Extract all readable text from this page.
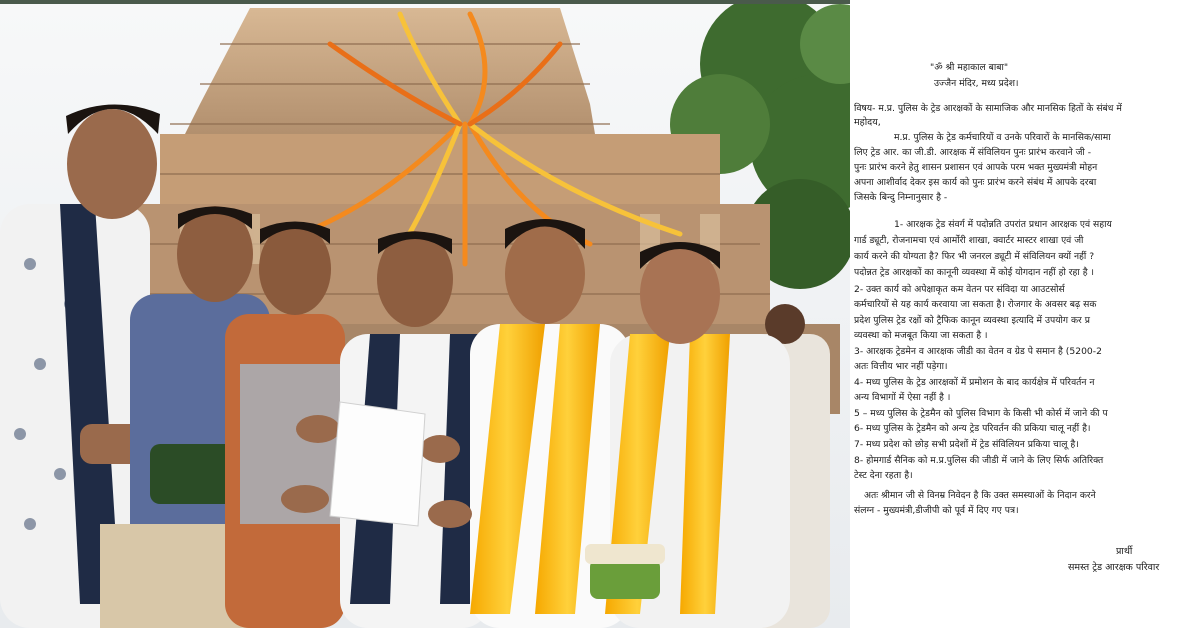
"ॐ श्री महाकाल बाबा"
उज्जैन मंदिर, मध्य प्रदेश।
विषय- म.प्र. पुलिस के ट्रेड आरक्षकों के सामाजिक और मानसिक हितों के संबंध में
महोदय,
म.प्र. पुलिस के ट्रेड कर्मचारियों व उनके परिवारों के मानसिक/सामा
लिए ट्रेड आर. का जी.डी. आरक्षक में संविलियन पुनः प्रारंभ करवाने जी -
पुनः प्रारंभ करने हेतु शासन प्रशासन एवं आपके परम भक्त मुख्यमंत्री मोहन
अपना आशीर्वाद देकर इस कार्य को पुनः प्रारंभ करने संबंध में आपके दरबा
जिसके बिन्दु निम्नानुसार है -
1- आरक्षक ट्रेड संवर्ग में पदोन्नति उपरांत प्रधान आरक्षक एवं सहाय
गार्ड ड्यूटी, रोजनामचा एवं आर्मोरी शाखा, क्वार्टर मास्टर शाखा एवं जी
कार्य करने की योग्यता है? फिर भी जनरल ड्यूटी में संविलियन क्यों नहीं ?
पदोन्नत ट्रेड आरक्षकों का कानूनी व्यवस्था में कोई योगदान नहीं हो रहा है ।
2- उक्त कार्य को अपेक्षाकृत कम वेतन पर संविदा या आउटसोर्स
कर्मचारियों से यह कार्य करवाया जा सकता है। रोजगार के अवसर बढ़ सक
प्रदेश पुलिस ट्रेड रक्षों को ट्रैफिक कानून व्यवस्था इत्यादि में उपयोग कर प्र
व्यवस्था को मजबूत किया जा सकता है ।
3- आरक्षक ट्रेडमेन व आरक्षक जीडी का वेतन व ग्रेड पे समान है (5200-2
अतः वित्तीय भार नहीं पड़ेगा।
4- मध्य पुलिस के ट्रेड आरक्षकों में प्रमोशन के बाद कार्यक्षेत्र में परिवर्तन न
अन्य विभागों में ऐसा नहीं है ।
5 – मध्य पुलिस के ट्रेडमैन को पुलिस विभाग के किसी भी कोर्स में जाने की प
6- मध्य पुलिस के ट्रेडमैन को अन्य ट्रेड परिवर्तन की प्रकिया चालू नहीं है।
7- मध्य प्रदेश को छोड़ सभी प्रदेशों में ट्रेड संविलियन प्रकिया चालू है।
8- होमगार्ड सैनिक को म.प्र.पुलिस की जीडी में जाने के लिए सिर्फ अतिरिक्त
टेस्ट देना रहता है।
अतः श्रीमान जी से विनम्र निवेदन है कि उक्त समस्याओं के निदान करने
संलग्न - मुख्यमंत्री,डीजीपी को पूर्व में दिए गए पत्र।
प्रार्थी
समस्त ट्रेड आरक्षक परिवार
